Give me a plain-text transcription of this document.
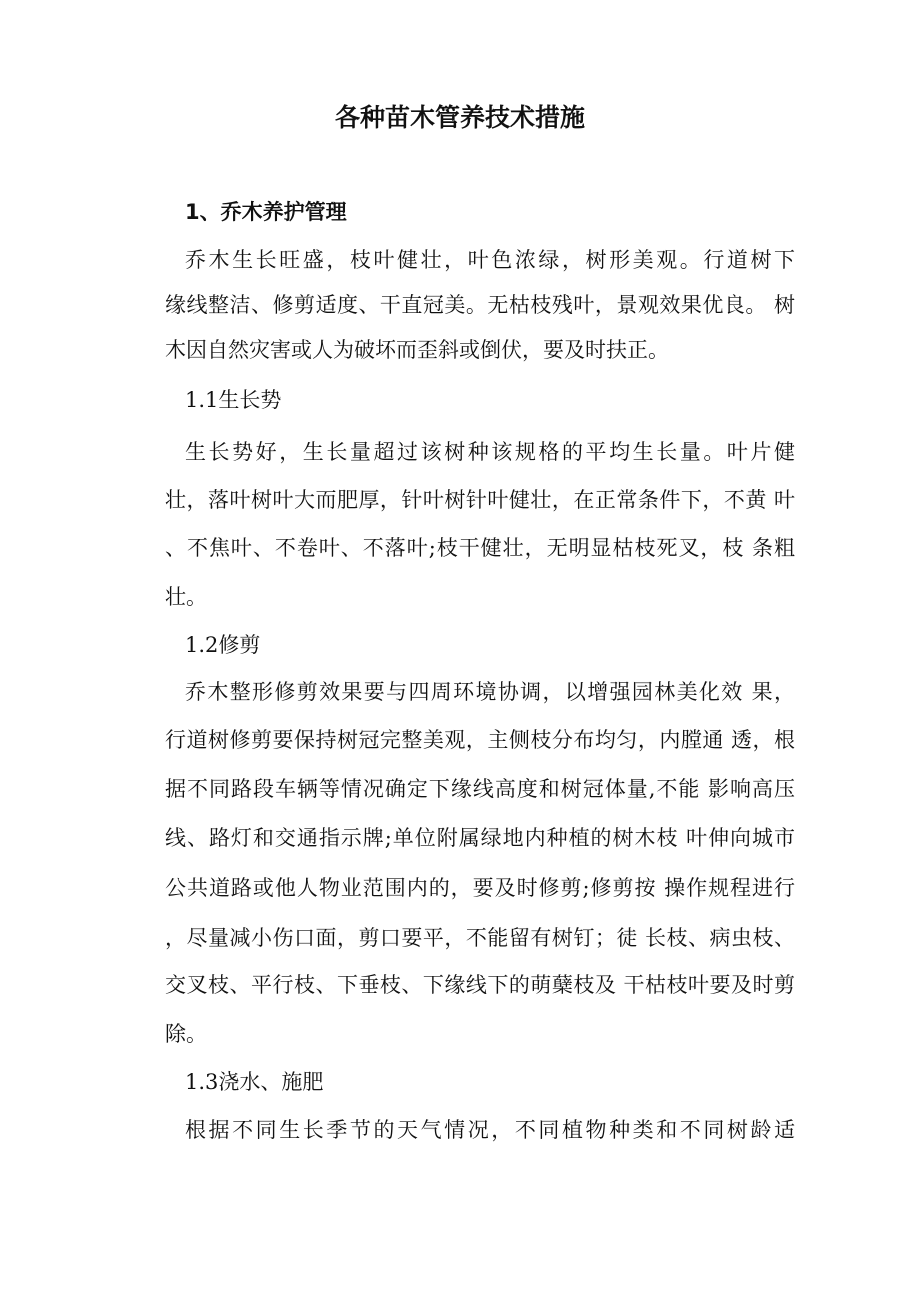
各种苗木管养技术措施
1、乔木养护管理
乔木生长旺盛，枝叶健壮，叶色浓绿，树形美观。行道树下
缘线整洁、修剪适度、干直冠美。无枯枝残叶，景观效果优良。 树
木因自然灾害或人为破坏而歪斜或倒伏，要及时扶正。
1.1生长势
生长势好，生长量超过该树种该规格的平均生长量。叶片健
壮，落叶树叶大而肥厚，针叶树针叶健壮，在正常条件下，不黄 叶
、不焦叶、不卷叶、不落叶;枝干健壮，无明显枯枝死叉，枝 条粗
壮。
1.2修剪
乔木整形修剪效果要与四周环境协调，以增强园林美化效 果，
行道树修剪要保持树冠完整美观，主侧枝分布均匀，内膛通 透，根
据不同路段车辆等情况确定下缘线高度和树冠体量,不能 影响高压
线、路灯和交通指示牌;单位附属绿地内种植的树木枝 叶伸向城市
公共道路或他人物业范围内的，要及时修剪;修剪按 操作规程进行
，尽量减小伤口面，剪口要平，不能留有树钉；徒 长枝、病虫枝、
交叉枝、平行枝、下垂枝、下缘线下的萌蘖枝及 干枯枝叶要及时剪
除。
1.3浇水、施肥
根据不同生长季节的天气情况，不同植物种类和不同树龄适
